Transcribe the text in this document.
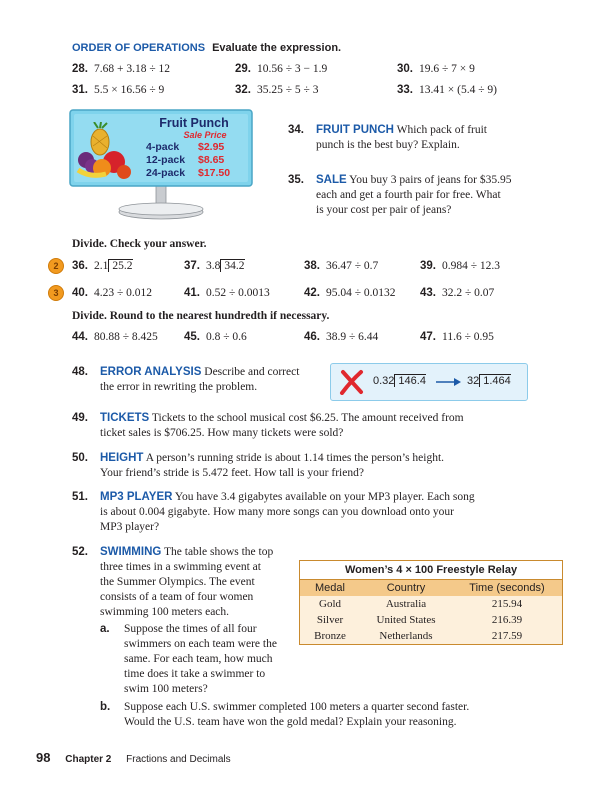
ORDER OF OPERATIONS Evaluate the expression.
28. 7.68 + 3.18 ÷ 12	29. 10.56 ÷ 3 − 1.9	30. 19.6 ÷ 7 × 9
31. 5.5 × 16.56 ÷ 9	32. 35.25 ÷ 5 ÷ 3	33. 13.41 × (5.4 ÷ 9)
Fruit Punch
Sale Price
4-pack $2.95
12-pack $8.65
24-pack $17.50
34. FRUIT PUNCH Which pack of fruit
punch is the best buy? Explain.
35. SALE You buy 3 pairs of jeans for $35.95
each and get a fourth pair for free. What
is your cost per pair of jeans?
Divide. Check your answer.
2	36. 2.1 25.2	37. 3.8 34.2	38. 36.47 ÷ 0.7	39. 0.984 ÷ 12.3
3	40. 4.23 ÷ 0.012	41. 0.52 ÷ 0.0013	42. 95.04 ÷ 0.0132 43. 32.2 ÷ 0.07
Divide. Round to the nearest hundredth if necessary.
44. 80.88 ÷ 8.425 45. 0.8 ÷ 0.6	46. 38.9 ÷ 6.44	47. 11.6 ÷ 0.95
48. ERROR ANALYSIS Describe and correct
the error in rewriting the problem.	0.32 146.4	32 1.464
49. TICKETS Tickets to the school musical cost $6.25. The amount received from
ticket sales is $706.25. How many tickets were sold?
50. HEIGHT A person’s running stride is about 1.14 times the person’s height.
Your friend’s stride is 5.472 feet. How tall is your friend?
51. MP3 PLAYER You have 3.4 gigabytes available on your MP3 player. Each song
is about 0.004 gigabyte. How many more songs can you download onto your
MP3 player?
52. SWIMMING The table shows the top
three times in a swimming event at
the Summer Olympics. The event
consists of a team of four women
swimming 100 meters each.
a. Suppose the times of all four
swimmers on each team were the
same. For each team, how much
time does it take a swimmer to
swim 100 meters?
b. Suppose each U.S. swimmer completed 100 meters a quarter second faster.
Would the U.S. team have won the gold medal? Explain your reasoning.
Women’s 4 × 100 Freestyle Relay
Medal	Country	Time (seconds)
Gold	Australia	215.94
Silver	United States	216.39
Bronze	Netherlands	217.59
98 Chapter 2 Fractions and Decimals
